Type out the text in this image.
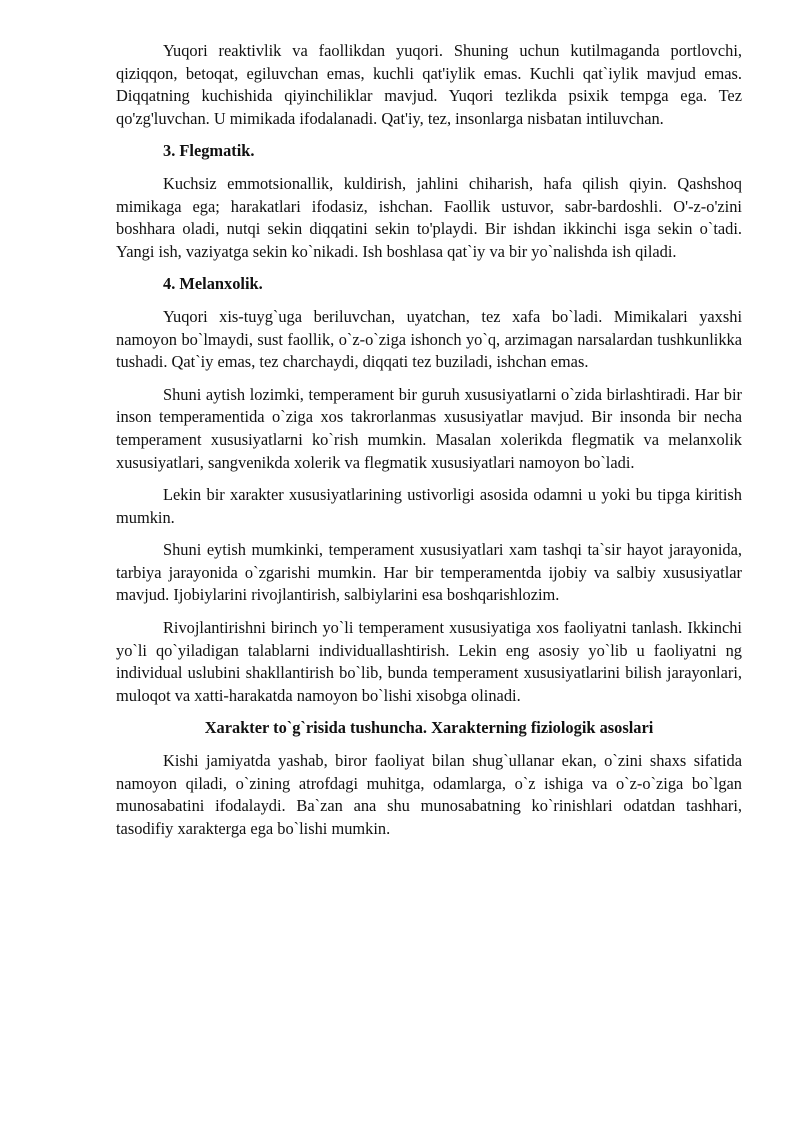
Yuqori reaktivlik va faollikdan yuqori. Shuning uchun kutilmaganda portlovchi, qiziqqon, betoqat, egiluvchan emas, kuchli qat'iylik emas. Kuchli qat`iylik mavjud emas. Diqqatning kuchishida qiyinchiliklar mavjud. Yuqori tezlikda psixik tempga ega. Tez qo'zg'luvchan. U mimikada ifodalanadi. Qat'iy, tez, insonlarga nisbatan intiluvchan.

3. Flegmatik.

Kuchsiz emmotsionallik, kuldirish, jahlini chiharish, hafa qilish qiyin. Qashshoq mimikaga ega; harakatlari ifodasiz, ishchan. Faollik ustuvor, sabr-bardoshli. O'-z-o'zini boshhara oladi, nutqi sekin diqqatini sekin to'playdi. Bir ishdan ikkinchi isga sekin o`tadi. Yangi ish, vaziyatga sekin ko`nikadi. Ish boshlasa qat`iy va bir yo`nalishda ish qiladi.

4. Melanxolik.

Yuqori xis-tuyg`uga beriluvchan, uyatchan, tez xafa bo`ladi. Mimikalari yaxshi namoyon bo`lmaydi, sust faollik, o`z-o`ziga ishonch yo`q, arzimagan narsalardan tushkunlikka tushadi. Qat`iy emas, tez charchaydi, diqqati tez buziladi, ishchan emas.

Shuni aytish lozimki, temperament bir guruh xususiyatlarni o`zida birlashtiradi. Har bir inson temperamentida o`ziga xos takrorlanmas xususiyatlar mavjud. Bir insonda bir necha temperament xususiyatlarni ko`rish mumkin. Masalan xolerikda flegmatik va melanxolik xususiyatlari, sangvenikda xolerik va flegmatik xususiyatlari namoyon bo`ladi.

Lekin bir xarakter xususiyatlarining ustivorligi asosida odamni u yoki bu tipga kiritish mumkin.

Shuni eytish mumkinki, temperament xususiyatlari xam tashqi ta`sir hayot jarayonida, tarbiya jarayonida o`zgarishi mumkin. Har bir temperamentda ijobiy va salbiy xususiyatlar mavjud. Ijobiylarini rivojlantirish, salbiylarini esa boshqarishlozim.

Rivojlantirishni birinch yo`li temperament xususiyatiga xos faoliyatni tanlash. Ikkinchi yo`li qo`yiladigan talablarni individuallashtirish. Lekin eng asosiy yo`lib u faoliyatni ng individual uslubini shakllantirish bo`lib, bunda temperament xususiyatlarini bilish jarayonlari, muloqot va xatti-harakatda namoyon bo`lishi xisobga olinadi.

Xarakter to`g`risida tushuncha. Xarakterning fiziologik asoslari

Kishi jamiyatda yashab, biror faoliyat bilan shug`ullanar ekan, o`zini shaxs sifatida namoyon qiladi, o`zining atrofdagi muhitga, odamlarga, o`z ishiga va o`z-o`ziga bo`lgan munosabatini ifodalaydi. Ba`zan ana shu munosabatning ko`rinishlari odatdan tashhari, tasodifiy xarakterga ega bo`lishi mumkin.
